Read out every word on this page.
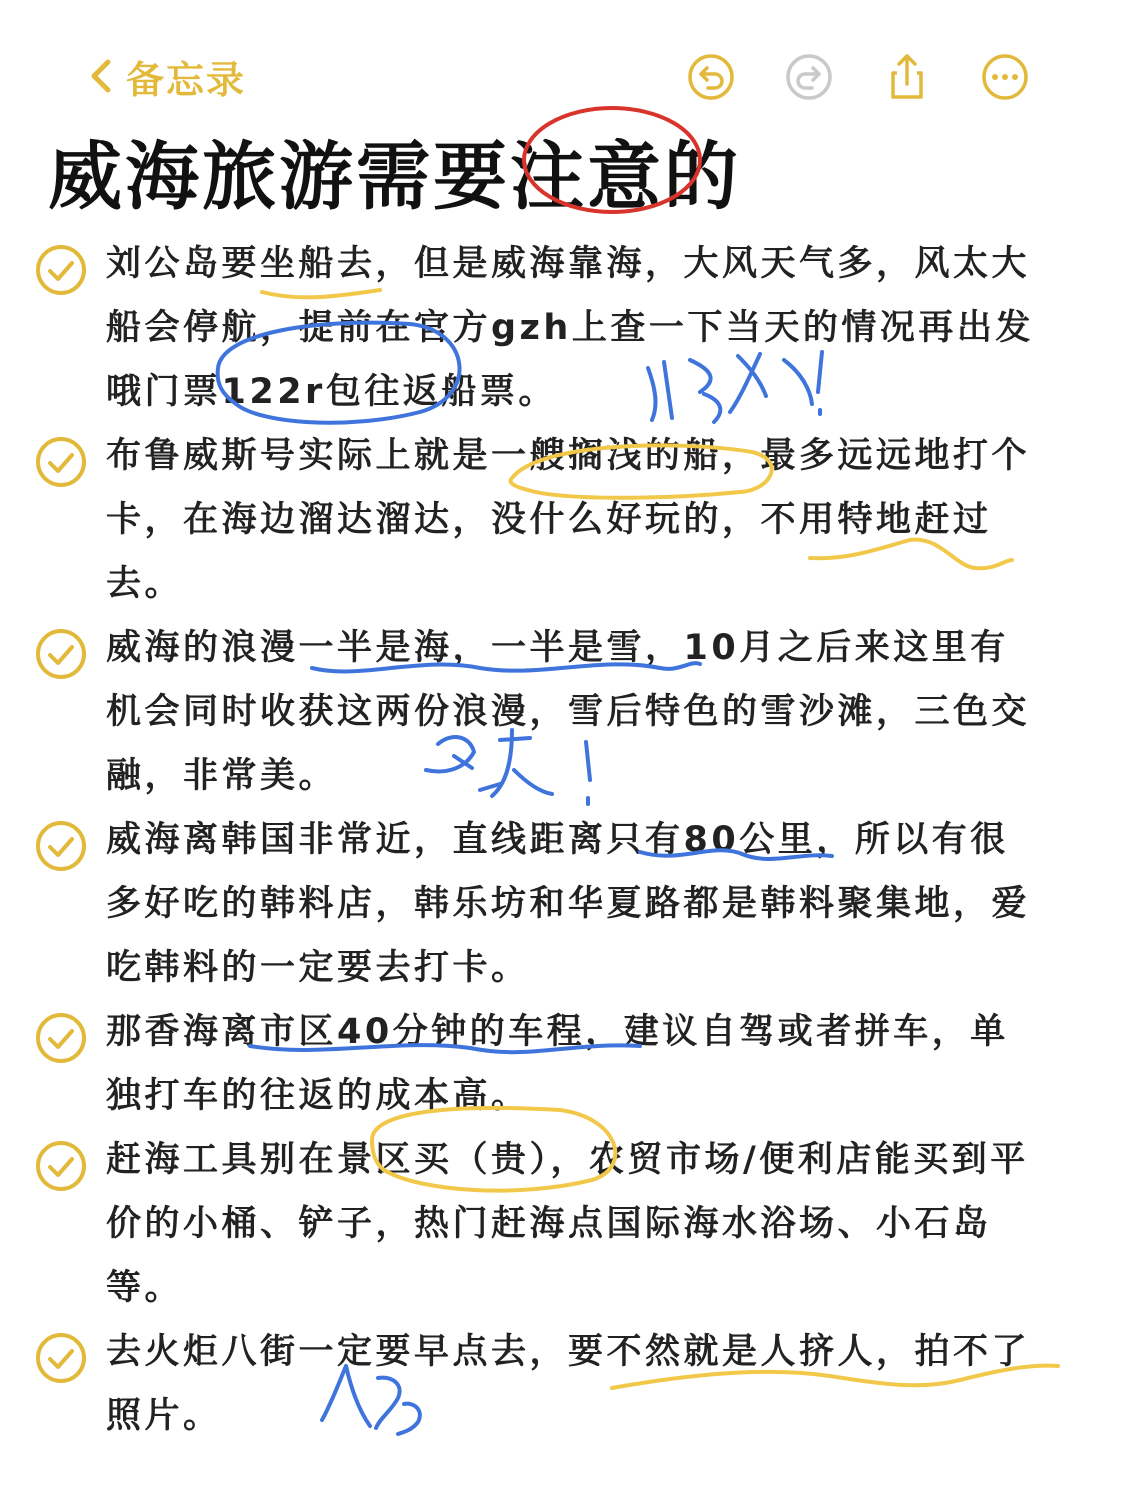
备忘录
威海旅游需要注意的
刘公岛要坐船去，但是威海靠海，大风天气多，风太大船会停航，提前在官方gzh上查一下当天的情况再出发哦门票122r包往返船票。
布鲁威斯号实际上就是一艘搁浅的船，最多远远地打个卡，在海边溜达溜达，没什么好玩的，不用特地赶过去。
威海的浪漫一半是海，一半是雪，10月之后来这里有机会同时收获这两份浪漫，雪后特色的雪沙滩，三色交融，非常美。
威海离韩国非常近，直线距离只有80公里，所以有很多好吃的韩料店，韩乐坊和华夏路都是韩料聚集地，爱吃韩料的一定要去打卡。
那香海离市区40分钟的车程，建议自驾或者拼车，单独打车的往返的成本高。
赶海工具别在景区买（贵），农贸市场/便利店能买到平价的小桶、铲子，热门赶海点国际海水浴场、小石岛等。
去火炬八街一定要早点去，要不然就是人挤人，拍不了照片。
